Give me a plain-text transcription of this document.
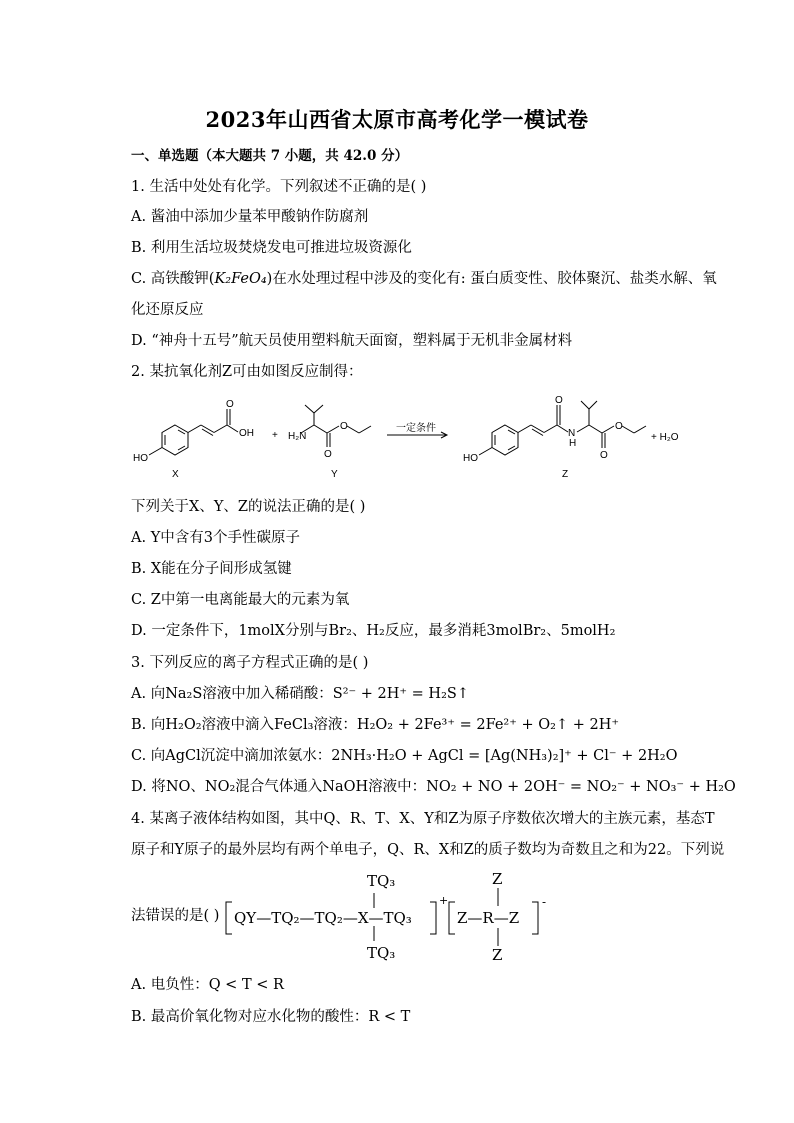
2023年山西省太原市高考化学一模试卷
一、单选题（本大题共 7 小题，共 42.0 分）
1. 生活中处处有化学。下列叙述不正确的是( )
A. 酱油中添加少量苯甲酸钠作防腐剂
B. 利用生活垃圾焚烧发电可推进垃圾资源化
C. 高铁酸钾(K₂FeO₄)在水处理过程中涉及的变化有: 蛋白质变性、胶体聚沉、盐类水解、氧
化还原反应
D. “神舟十五号”航天员使用塑料航天面窗，塑料属于无机非金属材料
2. 某抗氧化剂Z可由如图反应制得：
OH
HO
O
X
+ H₂N
O
O
Y
一定条件
HO
O
N
H
O
O
Z
+ H₂O
下列关于X、Y、Z的说法正确的是( )
A. Y中含有3个手性碳原子
B. X能在分子间形成氢键
C. Z中第一电离能最大的元素为氧
D. 一定条件下，1molX分别与Br₂、H₂反应，最多消耗3molBr₂、5molH₂
3. 下列反应的离子方程式正确的是( )
A. 向Na₂S溶液中加入稀硝酸：S²⁻ + 2H⁺ = H₂S↑
B. 向H₂O₂溶液中滴入FeCl₃溶液：H₂O₂ + 2Fe³⁺ = 2Fe²⁺ + O₂↑ + 2H⁺
C. 向AgCl沉淀中滴加浓氨水：2NH₃·H₂O + AgCl = [Ag(NH₃)₂]⁺ + Cl⁻ + 2H₂O
D. 将NO、NO₂混合气体通入NaOH溶液中：NO₂ + NO + 2OH⁻ = NO₂⁻ + NO₃⁻ + H₂O
4. 某离子液体结构如图，其中Q、R、T、X、Y和Z为原子序数依次增大的主族元素，基态T
原子和Y原子的最外层均有两个单电子，Q、R、X和Z的质子数均为奇数且之和为22。下列说
法错误的是( )
TQ₃
QY—TQ₂—TQ₂—X—TQ₃
TQ₃
+
Z
Z—R—Z
Z
-
A. 电负性：Q < T < R
B. 最高价氧化物对应水化物的酸性：R < T
